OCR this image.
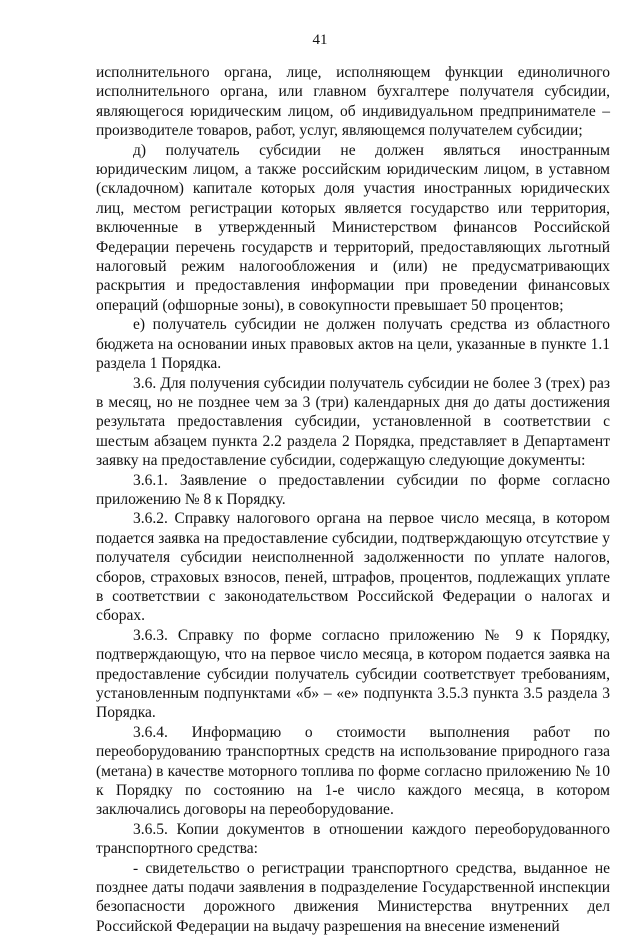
41

исполнительного органа, лице, исполняющем функции единоличного исполнительного органа, или главном бухгалтере получателя субсидии, являющегося юридическим лицом, об индивидуальном предпринимателе – производителе товаров, работ, услуг, являющемся получателем субсидии;

д) получатель субсидии не должен являться иностранным юридическим лицом, а также российским юридическим лицом, в уставном (складочном) капитале которых доля участия иностранных юридических лиц, местом регистрации которых является государство или территория, включенные в утвержденный Министерством финансов Российской Федерации перечень государств и территорий, предоставляющих льготный налоговый режим налогообложения и (или) не предусматривающих раскрытия и предоставления информации при проведении финансовых операций (офшорные зоны), в совокупности превышает 50 процентов;

е) получатель субсидии не должен получать средства из областного бюджета на основании иных правовых актов на цели, указанные в пункте 1.1 раздела 1 Порядка.

3.6. Для получения субсидии получатель субсидии не более 3 (трех) раз в месяц, но не позднее чем за 3 (три) календарных дня до даты достижения результата предоставления субсидии, установленной в соответствии с шестым абзацем пункта 2.2 раздела 2 Порядка, представляет в Департамент заявку на предоставление субсидии, содержащую следующие документы:

3.6.1. Заявление о предоставлении субсидии по форме согласно приложению № 8 к Порядку.

3.6.2. Справку налогового органа на первое число месяца, в котором подается заявка на предоставление субсидии, подтверждающую отсутствие у получателя субсидии неисполненной задолженности по уплате налогов, сборов, страховых взносов, пеней, штрафов, процентов, подлежащих уплате в соответствии с законодательством Российской Федерации о налогах и сборах.

3.6.3. Справку по форме согласно приложению № 9 к Порядку, подтверждающую, что на первое число месяца, в котором подается заявка на предоставление субсидии получатель субсидии соответствует требованиям, установленным подпунктами «б» – «е» подпункта 3.5.3 пункта 3.5 раздела 3 Порядка.

3.6.4. Информацию о стоимости выполнения работ по переоборудованию транспортных средств на использование природного газа (метана) в качестве моторного топлива по форме согласно приложению № 10 к Порядку по состоянию на 1-е число каждого месяца, в котором заключались договоры на переоборудование.

3.6.5. Копии документов в отношении каждого переоборудованного транспортного средства:

- свидетельство о регистрации транспортного средства, выданное не позднее даты подачи заявления в подразделение Государственной инспекции безопасности дорожного движения Министерства внутренних дел Российской Федерации на выдачу разрешения на внесение изменений
